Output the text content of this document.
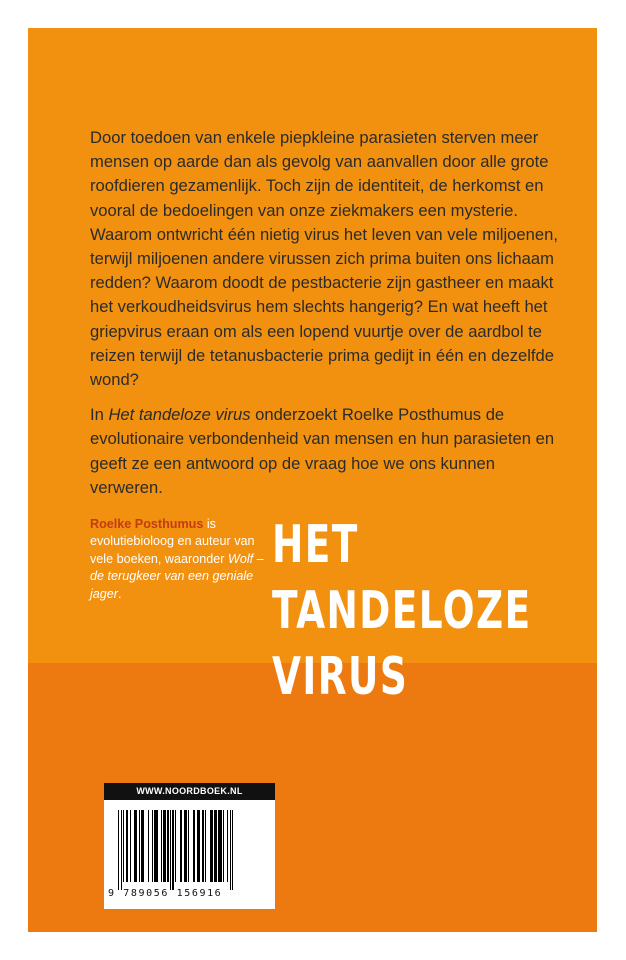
Door toedoen van enkele piepkleine parasieten sterven meer mensen op aarde dan als gevolg van aanvallen door alle grote roofdieren gezamenlijk. Toch zijn de identiteit, de herkomst en vooral de bedoelingen van onze ziekmakers een mysterie. Waarom ontwricht één nietig virus het leven van vele miljoenen, terwijl miljoenen andere virussen zich prima buiten ons lichaam redden? Waarom doodt de pestbacterie zijn gastheer en maakt het verkoudheidsvirus hem slechts hangerig? En wat heeft het griepvirus eraan om als een lopend vuurtje over de aardbol te reizen terwijl de tetanusbacterie prima gedijt in één en dezelfde wond?

In Het tandeloze virus onderzoekt Roelke Posthumus de evolutionaire verbondenheid van mensen en hun parasieten en geeft ze een antwoord op de vraag hoe we ons kunnen verweren.

Roelke Posthumus is evolutiebioloog en auteur van vele boeken, waaronder Wolf – de terugkeer van een geniale jager.
HET
TANDELOZE
VIRUS
WWW.NOORDBOEK.NL
9 789056 156916
